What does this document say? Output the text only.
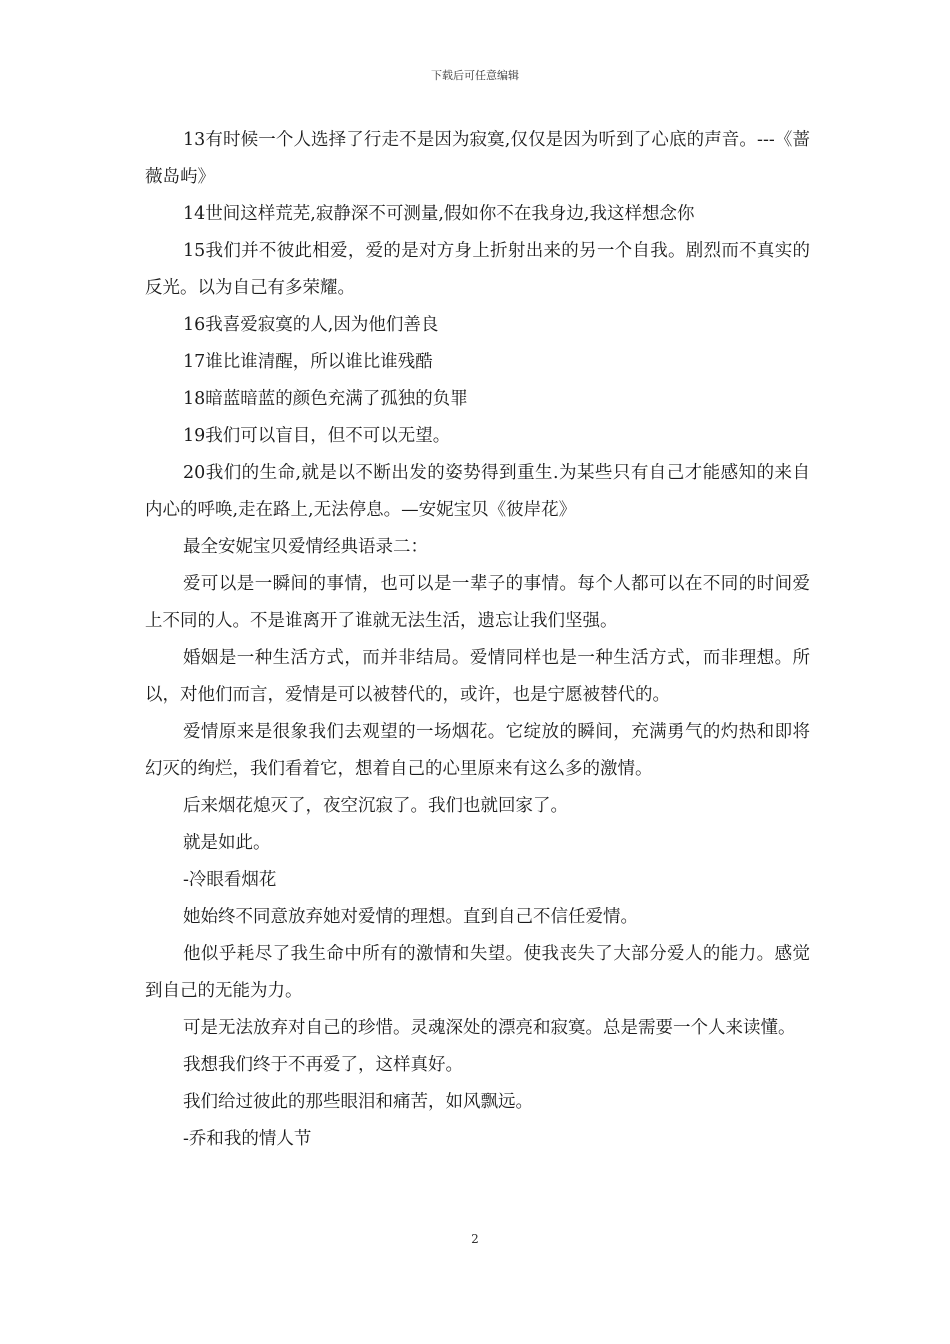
下载后可任意编辑

13有时候一个人选择了行走不是因为寂寞,仅仅是因为听到了心底的声音。---《蔷薇岛屿》

14世间这样荒芜,寂静深不可测量,假如你不在我身边,我这样想念你

15我们并不彼此相爱，爱的是对方身上折射出来的另一个自我。剧烈而不真实的反光。以为自己有多荣耀。

16我喜爱寂寞的人,因为他们善良

17谁比谁清醒，所以谁比谁残酷

18暗蓝暗蓝的颜色充满了孤独的负罪

19我们可以盲目，但不可以无望。

20我们的生命,就是以不断出发的姿势得到重生.为某些只有自己才能感知的来自内心的呼唤,走在路上,无法停息。—安妮宝贝《彼岸花》

最全安妮宝贝爱情经典语录二：

爱可以是一瞬间的事情，也可以是一辈子的事情。每个人都可以在不同的时间爱上不同的人。不是谁离开了谁就无法生活，遗忘让我们坚强。

婚姻是一种生活方式，而并非结局。爱情同样也是一种生活方式，而非理想。所以，对他们而言，爱情是可以被替代的，或许，也是宁愿被替代的。

爱情原来是很象我们去观望的一场烟花。它绽放的瞬间，充满勇气的灼热和即将幻灭的绚烂，我们看着它，想着自己的心里原来有这么多的激情。

后来烟花熄灭了，夜空沉寂了。我们也就回家了。

就是如此。

-冷眼看烟花

她始终不同意放弃她对爱情的理想。直到自己不信任爱情。

他似乎耗尽了我生命中所有的激情和失望。使我丧失了大部分爱人的能力。感觉到自己的无能为力。

可是无法放弃对自己的珍惜。灵魂深处的漂亮和寂寞。总是需要一个人来读懂。

我想我们终于不再爱了，这样真好。

我们给过彼此的那些眼泪和痛苦，如风飘远。

-乔和我的情人节

2
